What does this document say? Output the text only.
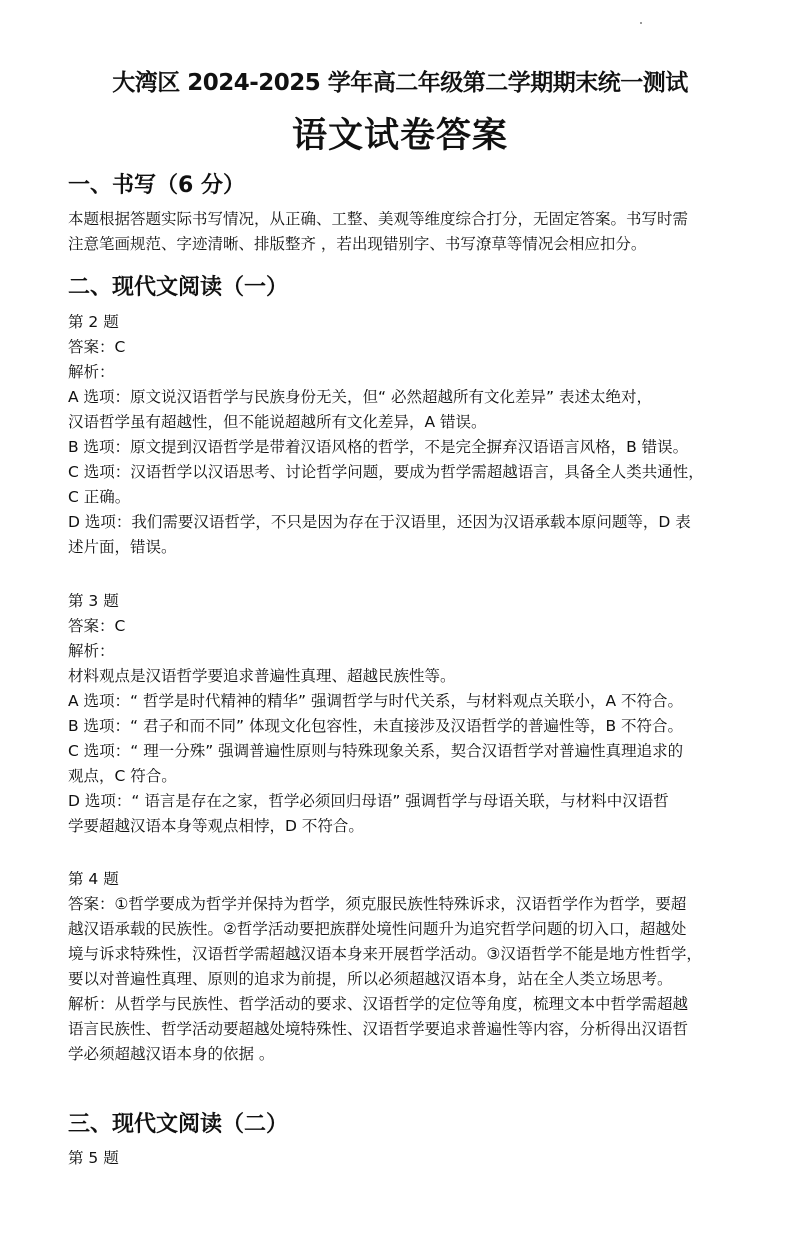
大湾区 2024-2025 学年高二年级第二学期期末统一测试
语文试卷答案
一、书写（6 分）

本题根据答题实际书写情况，从正确、工整、美观等维度综合打分，无固定答案。书写时需

注意笔画规范、字迹清晰、排版整齐 ，若出现错别字、书写潦草等情况会相应扣分。

二、现代文阅读（一）

第 2 题

答案：C

解析：

A 选项：原文说汉语哲学与民族身份无关，但“ 必然超越所有文化差异” 表述太绝对，

汉语哲学虽有超越性，但不能说超越所有文化差异，A 错误。

B 选项：原文提到汉语哲学是带着汉语风格的哲学，不是完全摒弃汉语语言风格，B 错误。

C 选项：汉语哲学以汉语思考、讨论哲学问题，要成为哲学需超越语言，具备全人类共通性，

C 正确。

D 选项：我们需要汉语哲学，不只是因为存在于汉语里，还因为汉语承载本原问题等，D 表

述片面，错误。

第 3 题

答案：C

解析：

材料观点是汉语哲学要追求普遍性真理、超越民族性等。

A 选项：“ 哲学是时代精神的精华” 强调哲学与时代关系，与材料观点关联小，A 不符合。

B 选项：“ 君子和而不同” 体现文化包容性，未直接涉及汉语哲学的普遍性等，B 不符合。

C 选项：“ 理一分殊” 强调普遍性原则与特殊现象关系，契合汉语哲学对普遍性真理追求的

观点，C 符合。

D 选项：“ 语言是存在之家，哲学必须回归母语” 强调哲学与母语关联，与材料中汉语哲

学要超越汉语本身等观点相悖，D 不符合。

第 4 题

答案：①哲学要成为哲学并保持为哲学，须克服民族性特殊诉求，汉语哲学作为哲学，要超

越汉语承载的民族性。②哲学活动要把族群处境性问题升为追究哲学问题的切入口，超越处

境与诉求特殊性，汉语哲学需超越汉语本身来开展哲学活动。③汉语哲学不能是地方性哲学，

要以对普遍性真理、原则的追求为前提，所以必须超越汉语本身，站在全人类立场思考。

解析：从哲学与民族性、哲学活动的要求、汉语哲学的定位等角度，梳理文本中哲学需超越

语言民族性、哲学活动要超越处境特殊性、汉语哲学要追求普遍性等内容，分析得出汉语哲

学必须超越汉语本身的依据 。

三、现代文阅读（二）

第 5 题
